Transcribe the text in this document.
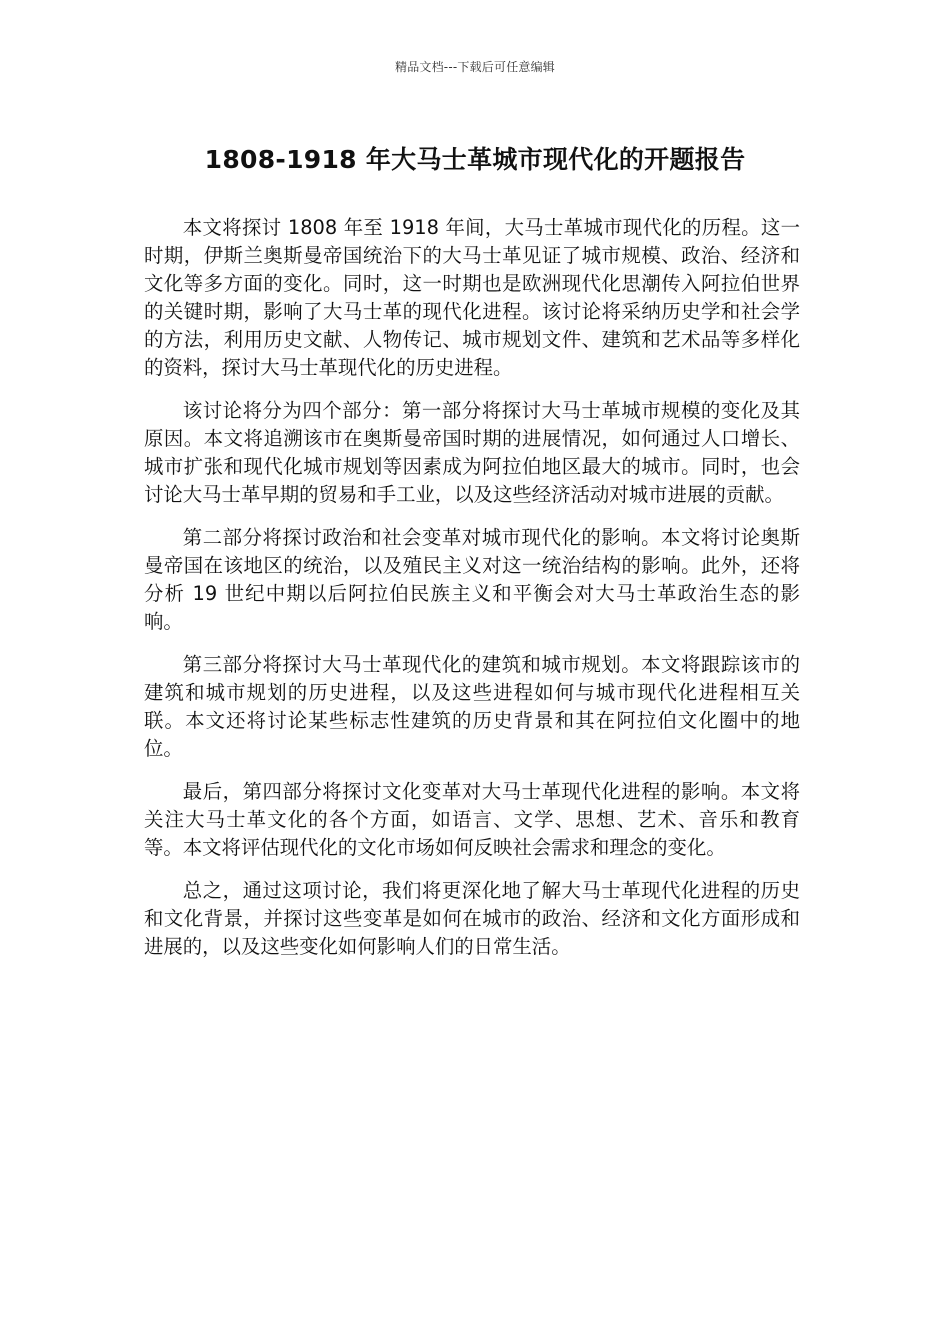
精品文档---下载后可任意编辑
1808-1918 年大马士革城市现代化的开题报告

本文将探讨 1808 年至 1918 年间，大马士革城市现代化的历程。这一时期，伊斯兰奥斯曼帝国统治下的大马士革见证了城市规模、政治、经济和文化等多方面的变化。同时，这一时期也是欧洲现代化思潮传入阿拉伯世界的关键时期，影响了大马士革的现代化进程。该讨论将采纳历史学和社会学的方法，利用历史文献、人物传记、城市规划文件、建筑和艺术品等多样化的资料，探讨大马士革现代化的历史进程。

该讨论将分为四个部分：第一部分将探讨大马士革城市规模的变化及其原因。本文将追溯该市在奥斯曼帝国时期的进展情况，如何通过人口增长、城市扩张和现代化城市规划等因素成为阿拉伯地区最大的城市。同时，也会讨论大马士革早期的贸易和手工业，以及这些经济活动对城市进展的贡献。

第二部分将探讨政治和社会变革对城市现代化的影响。本文将讨论奥斯曼帝国在该地区的统治，以及殖民主义对这一统治结构的影响。此外，还将分析 19 世纪中期以后阿拉伯民族主义和平衡会对大马士革政治生态的影响。

第三部分将探讨大马士革现代化的建筑和城市规划。本文将跟踪该市的建筑和城市规划的历史进程，以及这些进程如何与城市现代化进程相互关联。本文还将讨论某些标志性建筑的历史背景和其在阿拉伯文化圈中的地位。

最后，第四部分将探讨文化变革对大马士革现代化进程的影响。本文将关注大马士革文化的各个方面，如语言、文学、思想、艺术、音乐和教育等。本文将评估现代化的文化市场如何反映社会需求和理念的变化。

总之，通过这项讨论，我们将更深化地了解大马士革现代化进程的历史和文化背景，并探讨这些变革是如何在城市的政治、经济和文化方面形成和进展的，以及这些变化如何影响人们的日常生活。
